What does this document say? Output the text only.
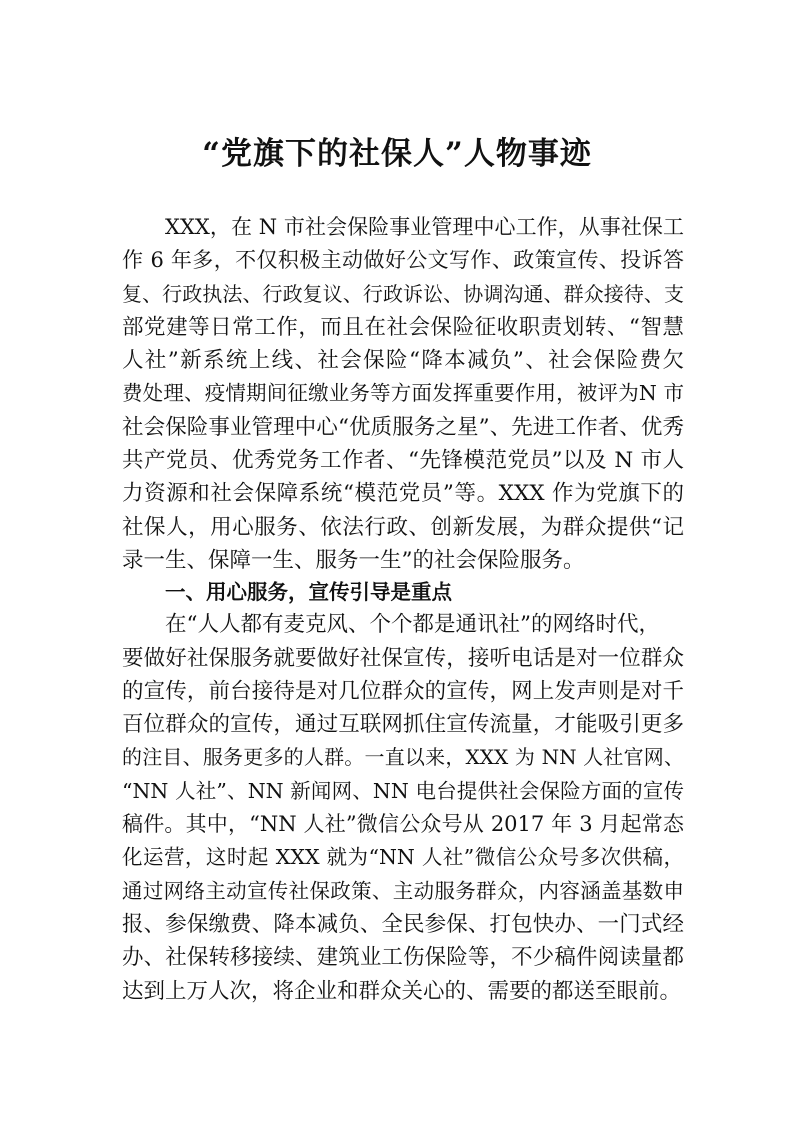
“党旗下的社保人”人物事迹
XXX，在 N 市社会保险事业管理中心工作，从事社保工
作 6 年多，不仅积极主动做好公文写作、政策宣传、投诉答
复、行政执法、行政复议、行政诉讼、协调沟通、群众接待、支
部党建等日常工作，而且在社会保险征收职责划转、“智慧
人社”新系统上线、社会保险“降本减负”、社会保险费欠
费处理、疫情期间征缴业务等方面发挥重要作用，被评为N 市
社会保险事业管理中心“优质服务之星”、先进工作者、优秀
共产党员、优秀党务工作者、“先锋模范党员”以及 N 市人
力资源和社会保障系统“模范党员”等。XXX 作为党旗下的
社保人，用心服务、依法行政、创新发展，为群众提供“记
录一生、保障一生、服务一生”的社会保险服务。
一、用心服务，宣传引导是重点
在“人人都有麦克风、个个都是通讯社”的网络时代，
要做好社保服务就要做好社保宣传，接听电话是对一位群众
的宣传，前台接待是对几位群众的宣传，网上发声则是对千
百位群众的宣传，通过互联网抓住宣传流量，才能吸引更多
的注目、服务更多的人群。一直以来，XXX 为 NN 人社官网、
“NN 人社”、NN 新闻网、NN 电台提供社会保险方面的宣传
稿件。其中，“NN 人社”微信公众号从 2017 年 3 月起常态
化运营，这时起 XXX 就为“NN 人社”微信公众号多次供稿，
通过网络主动宣传社保政策、主动服务群众，内容涵盖基数申
报、参保缴费、降本减负、全民参保、打包快办、一门式经
办、社保转移接续、建筑业工伤保险等，不少稿件阅读量都
达到上万人次，将企业和群众关心的、需要的都送至眼前。
